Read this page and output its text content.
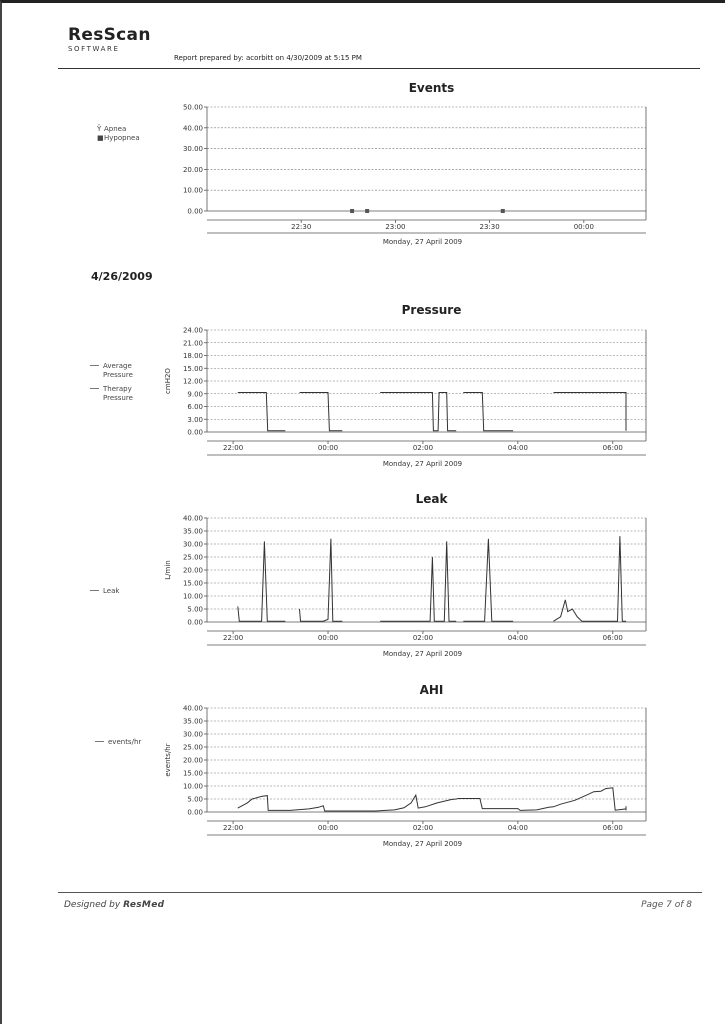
ResScan
SOFTWARE
Report prepared by: acorbitt on 4/30/2009 at 5:15 PM
4/26/2009
Events
50.00
40.00
30.00
20.00
10.00
0.00
22:30	23:00	23:30	00:00
Monday, 27 April 2009
Ŷ Apnea
■ Hypopnea
Pressure
24.00
21.00
18.00
15.00
12.00
9.00
6.00
3.00
0.00
22:00	00:00	02:00	04:00	06:00
Monday, 27 April 2009
cmH2O
Average
Pressure
Therapy
Pressure
Leak
40.00
35.00
30.00
25.00
20.00
15.00
10.00
5.00
0.00
22:00	00:00	02:00	04:00	06:00
Monday, 27 April 2009
L/min
Leak
AHI
40.00
35.00
30.00
25.00
20.00
15.00
10.00
5.00
0.00
22:00	00:00	02:00	04:00	06:00
Monday, 27 April 2009
events/hr
events/hr
Designed by ResMed	Page 7 of 8
